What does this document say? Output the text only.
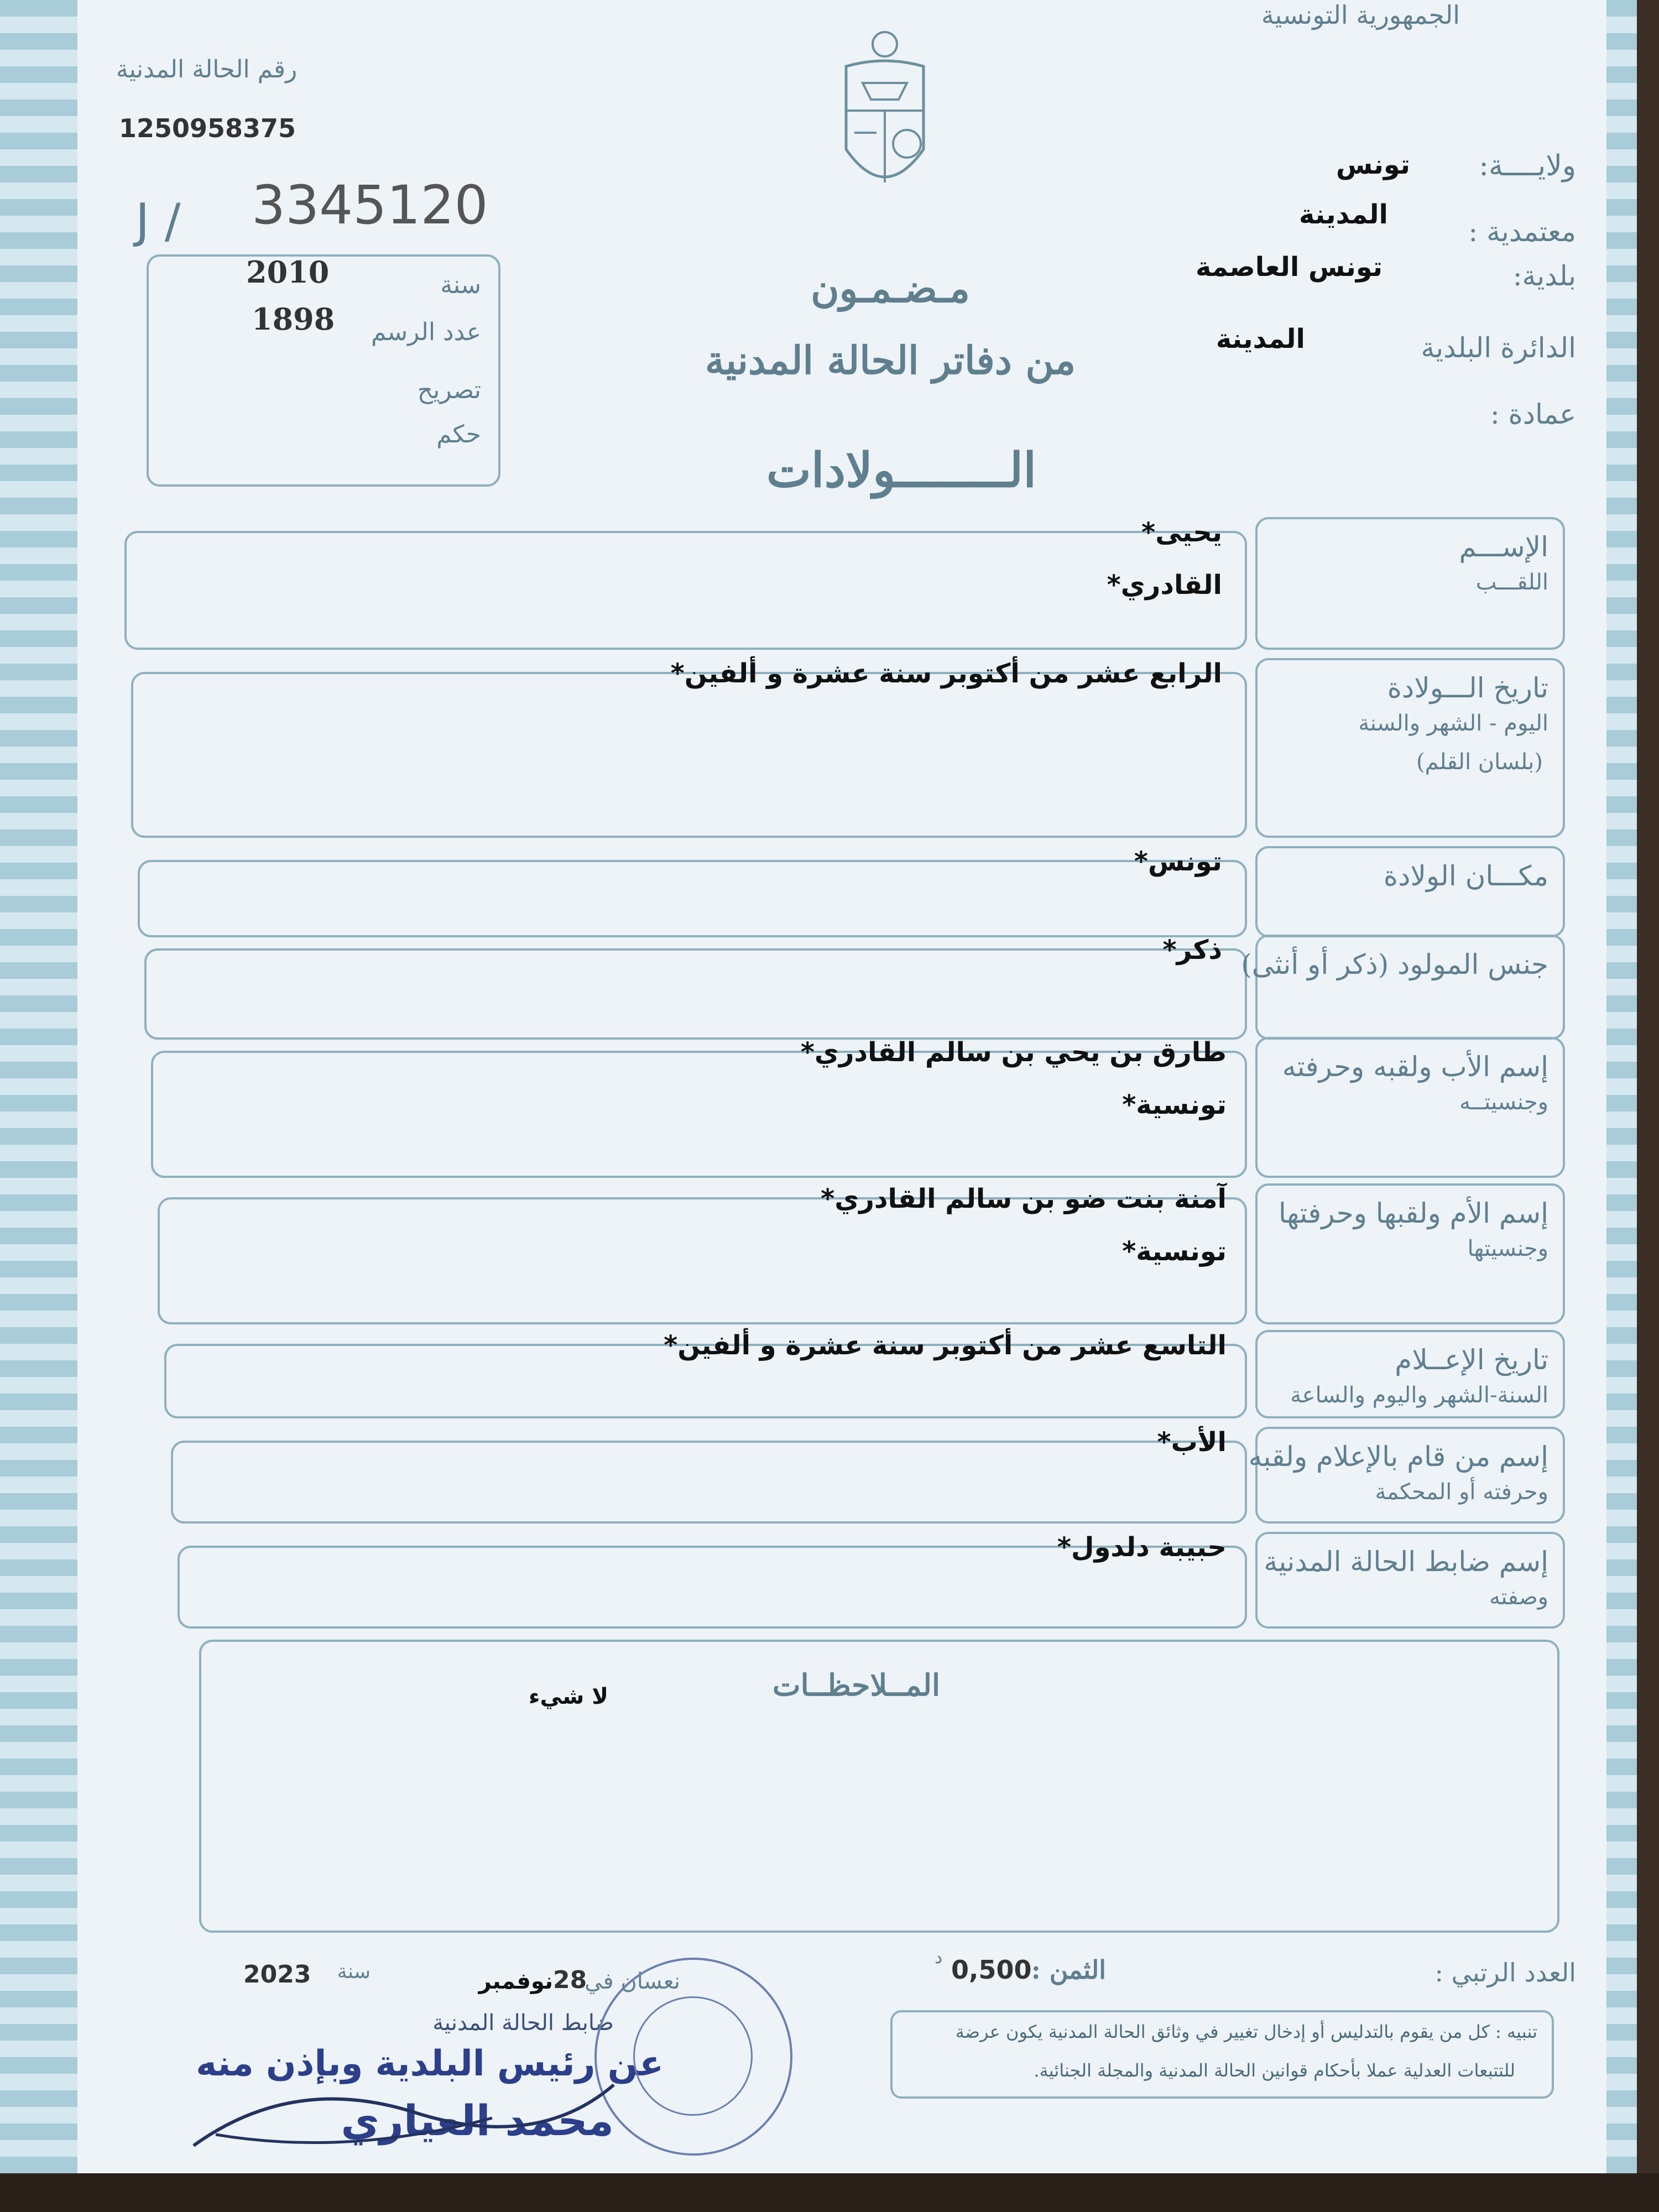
الجمهورية التونسية
رقم الحالة المدنية
1250958375
J / 3345120
2010	سنة
1898 عدد الرسم
تصريح
حكم
ولايــــة:
تونس
معتمدية :
المدينة
بلدية:
تونس العاصمة
الدائرة البلدية
المدينة
عمادة :
مـضـمـون
من دفاتر الحالة المدنية
الــــــــولادات
الإســـم
اللقـــب
يحيى*
القادري*
تاريخ الـــولادة
اليوم - الشهر والسنة
(بلسان القلم)
الرابع عشر من أكتوبر سنة عشرة و ألفين*
مكـــان الولادة
تونس*
جنس المولود (ذكر أو أنثى)
ذكر*
إسم الأب ولقبه وحرفته
وجنسيتــه
طارق بن يحي بن سالم القادري*
تونسية*
إسم الأم ولقبها وحرفتها
وجنسيتها
آمنة بنت ضو بن سالم القادري*
تونسية*
تاريخ الإعــلام
السنة-الشهر واليوم والساعة
التاسع عشر من أكتوبر سنة عشرة و ألفين*
إسم من قام بالإعلام ولقبه
وحرفته أو المحكمة
الأب*
إسم ضابط الحالة المدنية
وصفته
حبيبة دلدول*
المــلاحظــات
لا شيء
العدد الرتبي :
الثمن :
0,500
د
نعسان في
28
نوفمبر
سنة
2023
ضابط الحالة المدنية
عن رئيس البلدية وبإذن منه
محمد العياري
تنبيه : كل من يقوم بالتدليس أو إدخال تغيير في وثائق الحالة المدنية يكون عرضة
للتتبعات العدلية عملا بأحكام قوانين الحالة المدنية والمجلة الجنائية.
